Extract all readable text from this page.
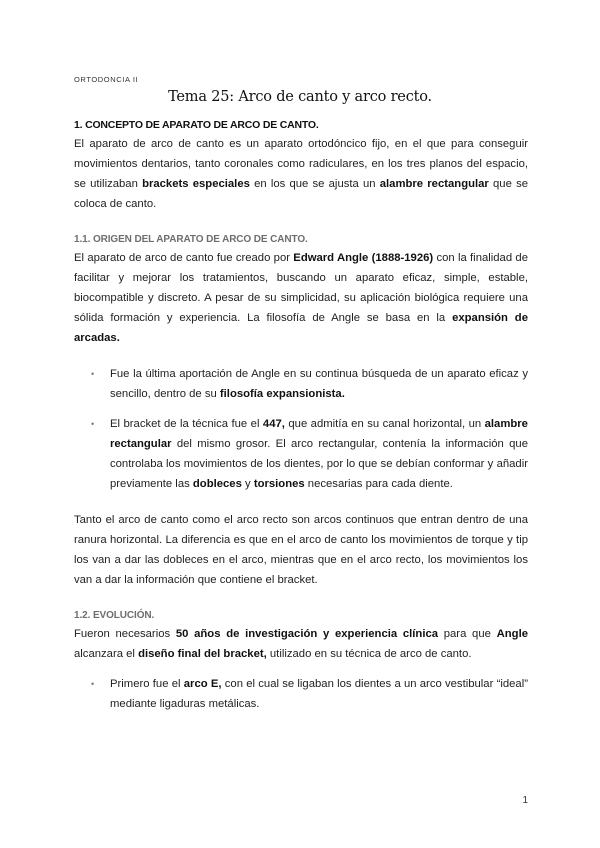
ORTODONCIA II
Tema 25: Arco de canto y arco recto.
1. CONCEPTO DE APARATO DE ARCO DE CANTO.

El aparato de arco de canto es un aparato ortodóncico fijo, en el que para conseguir movimientos dentarios, tanto coronales como radiculares, en los tres planos del espacio, se utilizaban brackets especiales en los que se ajusta un alambre rectangular que se coloca de canto.

1.1. ORIGEN DEL APARATO DE ARCO DE CANTO.

El aparato de arco de canto fue creado por Edward Angle (1888-1926) con la finalidad de facilitar y mejorar los tratamientos, buscando un aparato eficaz, simple, estable, biocompatible y discreto. A pesar de su simplicidad, su aplicación biológica requiere una sólida formación y experiencia. La filosofía de Angle se basa en la expansión de arcadas.

• Fue la última aportación de Angle en su continua búsqueda de un aparato eficaz y sencillo, dentro de su filosofía expansionista.
• El bracket de la técnica fue el 447, que admitía en su canal horizontal, un alambre rectangular del mismo grosor. El arco rectangular, contenía la información que controlaba los movimientos de los dientes, por lo que se debían conformar y añadir previamente las dobleces y torsiones necesarias para cada diente.

Tanto el arco de canto como el arco recto son arcos continuos que entran dentro de una ranura horizontal. La diferencia es que en el arco de canto los movimientos de torque y tip los van a dar las dobleces en el arco, mientras que en el arco recto, los movimientos los van a dar la información que contiene el bracket.

1.2. EVOLUCIÓN.

Fueron necesarios 50 años de investigación y experiencia clínica para que Angle alcanzara el diseño final del bracket, utilizado en su técnica de arco de canto.

• Primero fue el arco E, con el cual se ligaban los dientes a un arco vestibular “ideal” mediante ligaduras metálicas.
1
